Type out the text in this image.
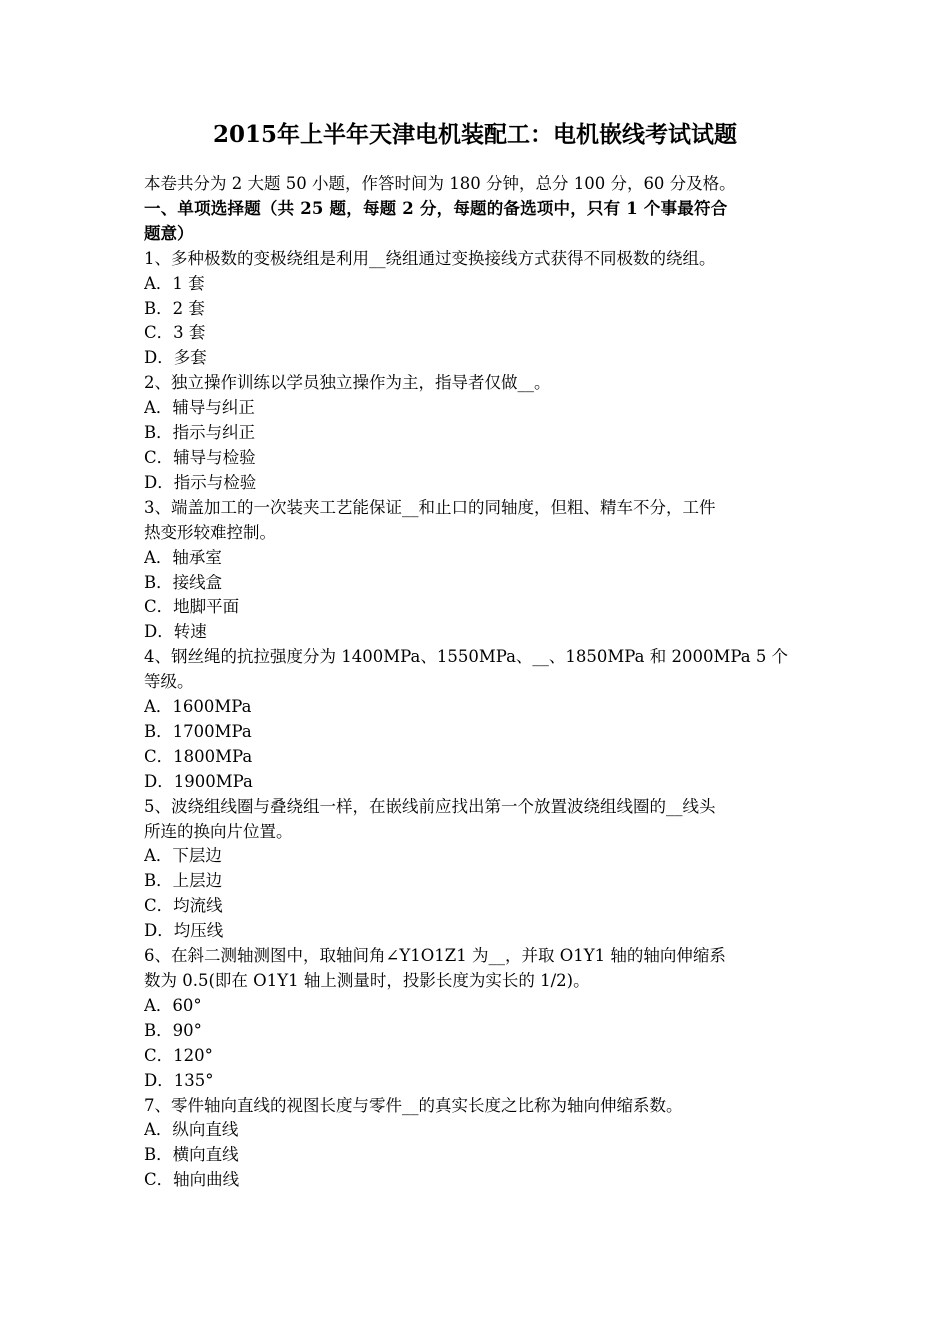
2015年上半年天津电机装配工：电机嵌线考试试题
本卷共分为 2 大题 50 小题，作答时间为 180 分钟，总分 100 分，60 分及格。
一、单项选择题（共 25 题，每题 2 分，每题的备选项中，只有 1 个事最符合
题意）
1、多种极数的变极绕组是利用__绕组通过变换接线方式获得不同极数的绕组。
A．1 套
B．2 套
C．3 套
D．多套
2、独立操作训练以学员独立操作为主，指导者仅做__。
A．辅导与纠正
B．指示与纠正
C．辅导与检验
D．指示与检验
3、端盖加工的一次装夹工艺能保证__和止口的同轴度，但粗、精车不分，工件
热变形较难控制。
A．轴承室
B．接线盒
C．地脚平面
D．转速
4、钢丝绳的抗拉强度分为 1400MPa、1550MPa、__、1850MPa 和 2000MPa 5 个
等级。
A．1600MPa
B．1700MPa
C．1800MPa
D．1900MPa
5、波绕组线圈与叠绕组一样，在嵌线前应找出第一个放置波绕组线圈的__线头
所连的换向片位置。
A．下层边
B．上层边
C．均流线
D．均压线
6、在斜二测轴测图中，取轴间角∠Y1O1Z1 为__，并取 O1Y1 轴的轴向伸缩系
数为 0.5(即在 O1Y1 轴上测量时，投影长度为实长的 1/2)。
A．60°
B．90°
C．120°
D．135°
7、零件轴向直线的视图长度与零件__的真实长度之比称为轴向伸缩系数。
A．纵向直线
B．横向直线
C．轴向曲线
